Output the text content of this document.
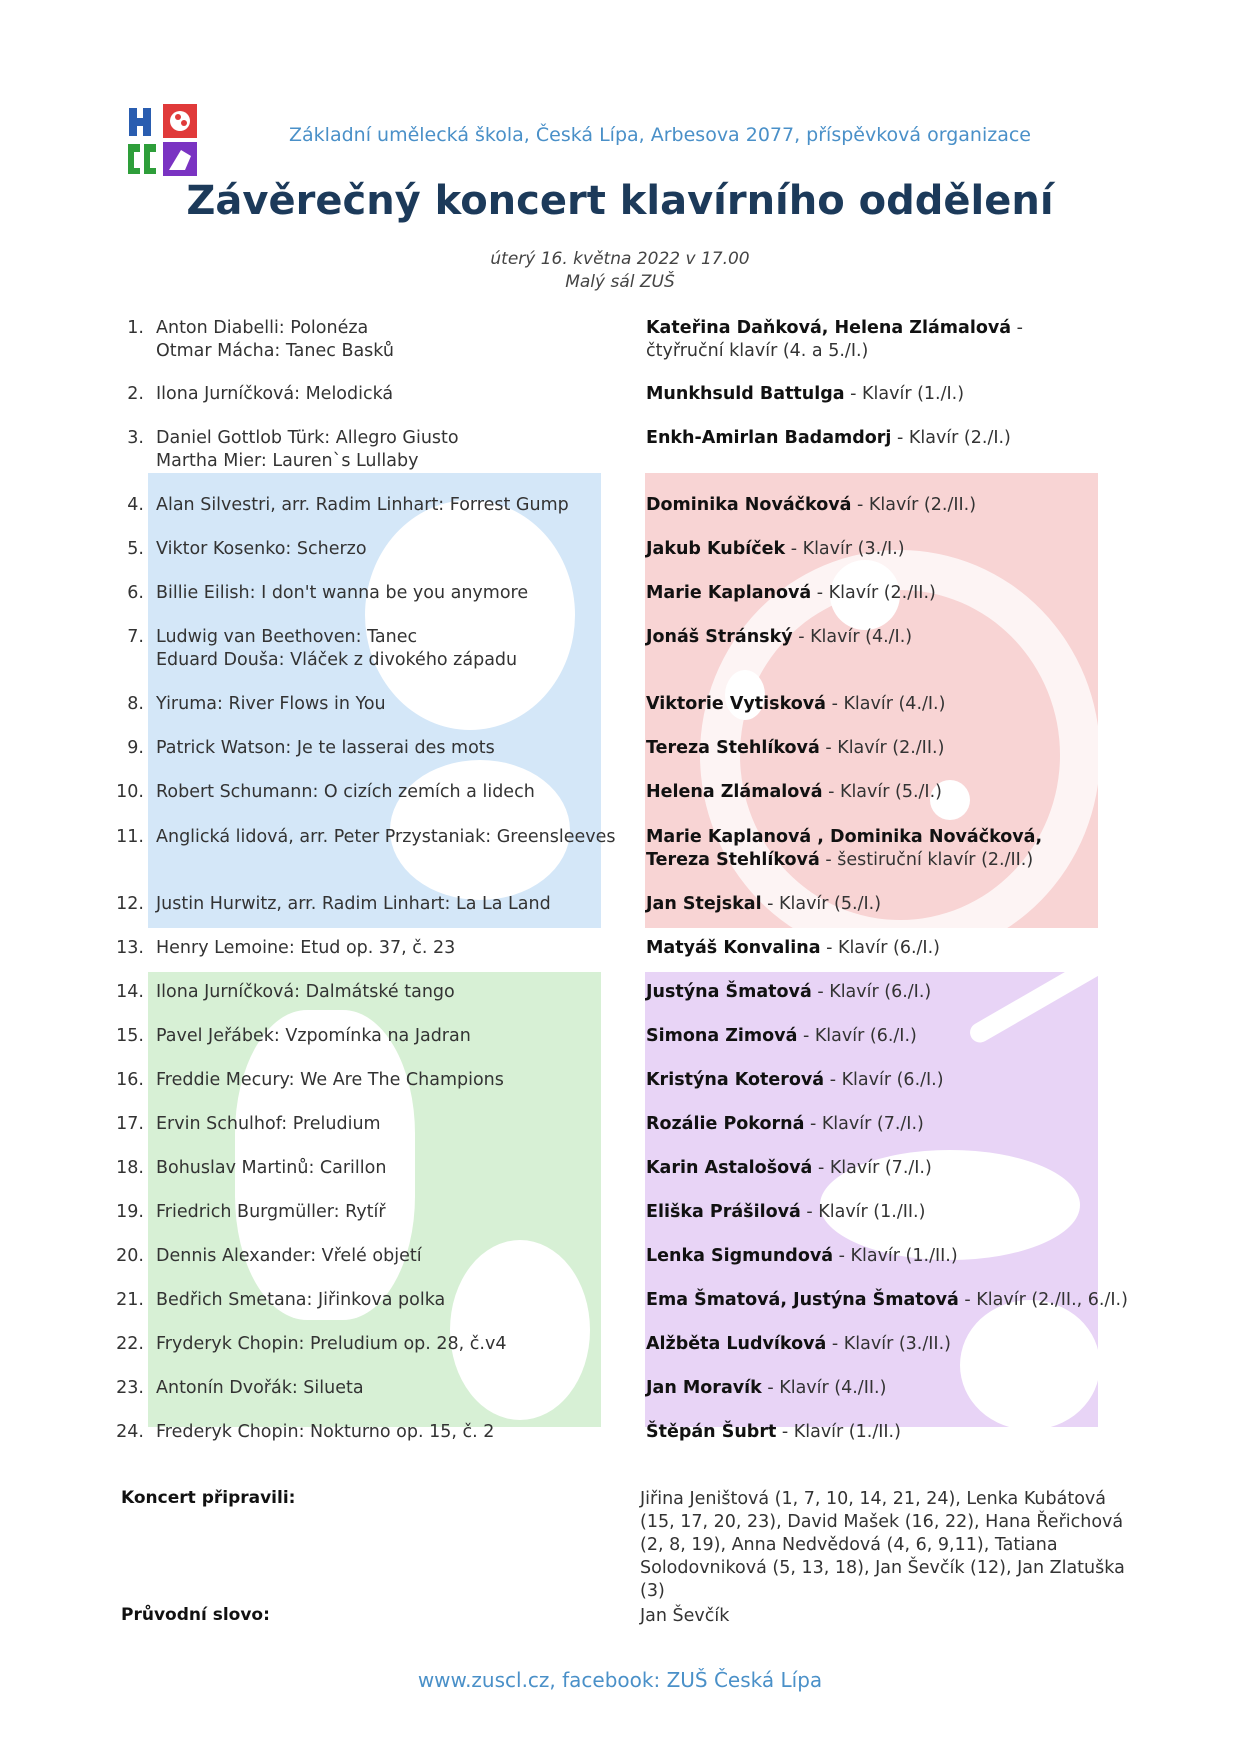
Základní umělecká škola, Česká Lípa, Arbesova 2077, příspěvková organizace
Závěrečný koncert klavírního oddělení
úterý 16. května 2022 v 17.00
Malý sál ZUŠ
1. Anton Diabelli: Polonéza
Otmar Mácha: Tanec Basků
Kateřina Daňková, Helena Zlámalová - čtyřruční klavír (4. a 5./I.)
2. Ilona Jurníčková: Melodická	Munkhsuld Battulga - Klavír (1./I.)
3. Daniel Gottlob Türk: Allegro Giusto
Martha Mier: Lauren`s Lullaby
Enkh-Amirlan Badamdorj - Klavír (2./I.)
4. Alan Silvestri, arr. Radim Linhart: Forrest Gump	Dominika Nováčková - Klavír (2./II.)
5. Viktor Kosenko: Scherzo	Jakub Kubíček - Klavír (3./I.)
6. Billie Eilish: I don't wanna be you anymore	Marie Kaplanová - Klavír (2./II.)
7. Ludwig van Beethoven: Tanec
Eduard Douša: Vláček z divokého západu
Jonáš Stránský - Klavír (4./I.)
8. Yiruma: River Flows in You	Viktorie Vytisková - Klavír (4./I.)
9. Patrick Watson: Je te lasserai des mots	Tereza Stehlíková - Klavír (2./II.)
10. Robert Schumann: O cizích zemích a lidech	Helena Zlámalová - Klavír (5./I.)
11. Anglická lidová, arr. Peter Przystaniak: Greensleeves	Marie Kaplanová , Dominika Nováčková, Tereza Stehlíková - šestiruční klavír (2./II.)
12. Justin Hurwitz, arr. Radim Linhart: La La Land	Jan Stejskal - Klavír (5./I.)
13. Henry Lemoine: Etud op. 37, č. 23	Matyáš Konvalina - Klavír (6./I.)
14. Ilona Jurníčková: Dalmátské tango	Justýna Šmatová - Klavír (6./I.)
15. Pavel Jeřábek: Vzpomínka na Jadran	Simona Zimová - Klavír (6./I.)
16. Freddie Mecury: We Are The Champions	Kristýna Koterová - Klavír (6./I.)
17. Ervin Schulhof: Preludium	Rozálie Pokorná - Klavír (7./I.)
18. Bohuslav Martinů: Carillon	Karin Astalošová - Klavír (7./I.)
19. Friedrich Burgmüller: Rytíř	Eliška Prášilová - Klavír (1./II.)
20. Dennis Alexander: Vřelé objetí	Lenka Sigmundová - Klavír (1./II.)
21. Bedřich Smetana: Jiřinkova polka	Ema Šmatová, Justýna Šmatová - Klavír (2./II., 6./I.)
22. Fryderyk Chopin: Preludium op. 28, č.v4	Alžběta Ludvíková - Klavír (3./II.)
23. Antonín Dvořák: Silueta	Jan Moravík - Klavír (4./II.)
24. Frederyk Chopin: Nokturno op. 15, č. 2	Štěpán Šubrt - Klavír (1./II.)
Koncert připravili:	Jiřina Jeništová (1, 7, 10, 14, 21, 24), Lenka Kubátová (15, 17, 20, 23), David Mašek (16, 22), Hana Řeřichová (2, 8, 19), Anna Nedvědová (4, 6, 9,11), Tatiana Solodovniková (5, 13, 18), Jan Ševčík (12), Jan Zlatuška (3)
Průvodní slovo:	Jan Ševčík
www.zuscl.cz, facebook: ZUŠ Česká Lípa
